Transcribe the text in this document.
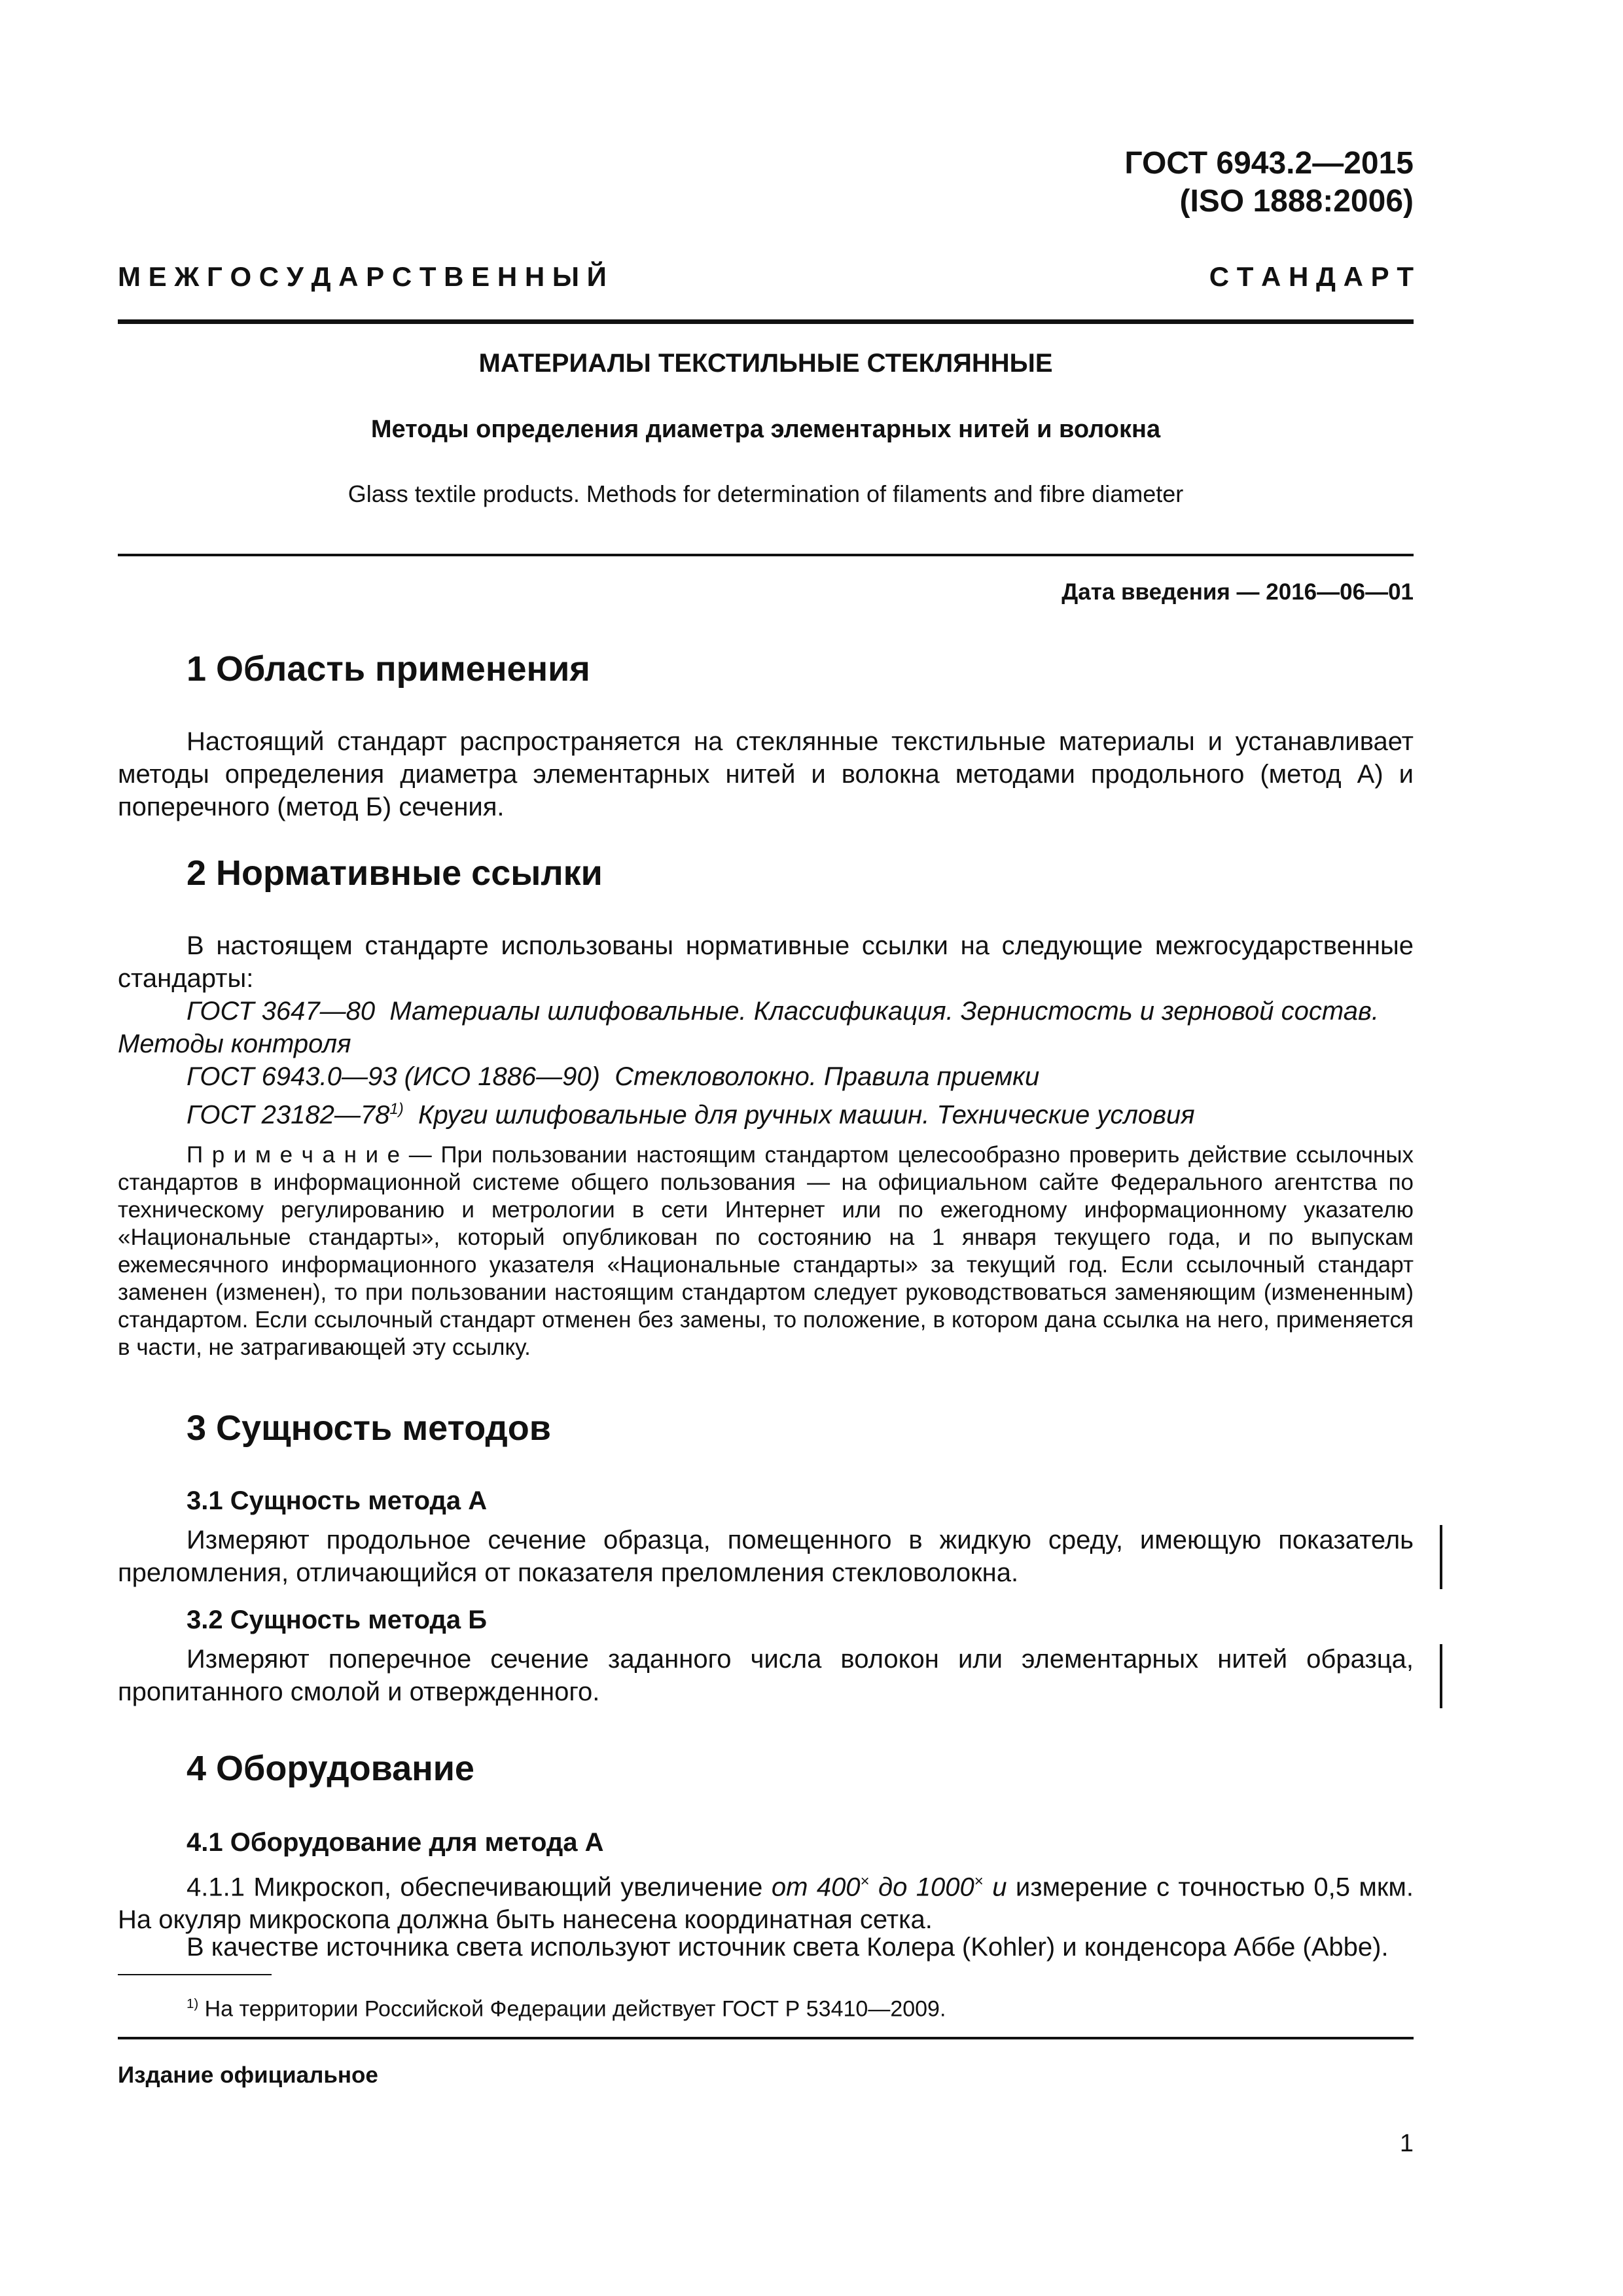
ГОСТ 6943.2—2015
(ISO 1888:2006)
М Е Ж Г О С У Д А Р С Т В Е Н Н Ы Й	С Т А Н Д А Р Т
МАТЕРИАЛЫ ТЕКСТИЛЬНЫЕ СТЕКЛЯННЫЕ
Методы определения диаметра элементарных нитей и волокна
Glass textile products. Methods for determination of filaments and fibre diameter
Дата введения — 2016—06—01
1 Область применения
Настоящий стандарт распространяется на стеклянные текстильные материалы и устанавливает методы определения диаметра элементарных нитей и волокна методами продольного (метод А) и поперечного (метод Б) сечения.
2 Нормативные ссылки
В настоящем стандарте использованы нормативные ссылки на следующие межгосударственные стандарты:
ГОСТ 3647—80 Материалы шлифовальные. Классификация. Зернистость и зерновой состав. Методы контроля
ГОСТ 6943.0—93 (ИСО 1886—90) Стекловолокно. Правила приемки
ГОСТ 23182—78$^{1)}$ Круги шлифовальные для ручных машин. Технические условия
П р и м е ч а н и е — При пользовании настоящим стандартом целесообразно проверить действие ссылочных стандартов в информационной системе общего пользования — на официальном сайте Федерального агентства по техническому регулированию и метрологии в сети Интернет или по ежегодному информационному указателю «Национальные стандарты», который опубликован по состоянию на 1 января текущего года, и по выпускам ежемесячного информационного указателя «Национальные стандарты» за текущий год. Если ссылочный стандарт заменен (изменен), то при пользовании настоящим стандартом следует руководствоваться заменяющим (измененным) стандартом. Если ссылочный стандарт отменен без замены, то положение, в котором дана ссылка на него, применяется в части, не затрагивающей эту ссылку.
3 Сущность методов
3.1 Сущность метода А
Измеряют продольное сечение образца, помещенного в жидкую среду, имеющую показатель преломления, отличающийся от показателя преломления стекловолокна.
3.2 Сущность метода Б
Измеряют поперечное сечение заданного числа волокон или элементарных нитей образца, пропитанного смолой и отвержденного.
4 Оборудование
4.1 Оборудование для метода А
4.1.1 Микроскоп, обеспечивающий увеличение от 400× до 1000× и измерение с точностью 0,5 мкм. На окуляр микроскопа должна быть нанесена координатная сетка.
В качестве источника света используют источник света Колера (Kohler) и конденсора Аббе (Abbe).
$^{1)}$ На территории Российской Федерации действует ГОСТ Р 53410—2009.
Издание официальное
1
